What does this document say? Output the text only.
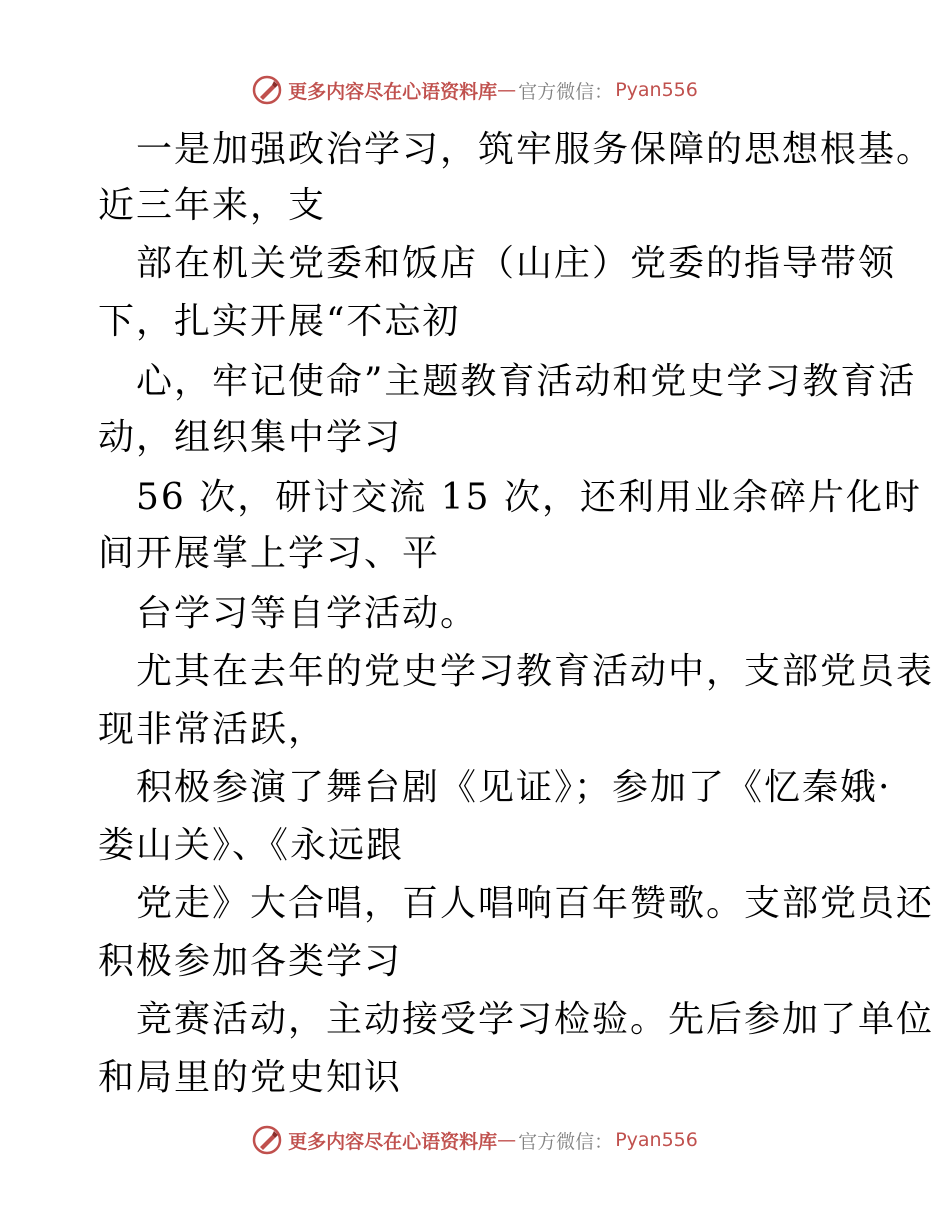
更多内容尽在心语资料库 — 官方微信： Pyan556
一是加强政治学习，筑牢服务保障的思想根基。
近三年来，支
部在机关党委和饭店（山庄）党委的指导带领
下，扎实开展“不忘初
心，牢记使命”主题教育活动和党史学习教育活
动，组织集中学习
56 次，研讨交流 15 次，还利用业余碎片化时
间开展掌上学习、平
台学习等自学活动。
尤其在去年的党史学习教育活动中，支部党员表
现非常活跃，
积极参演了舞台剧《见证》；参加了《忆秦娥·
娄山关》、《永远跟
党走》大合唱，百人唱响百年赞歌。支部党员还
积极参加各类学习
竞赛活动，主动接受学习检验。先后参加了单位
和局里的党史知识
更多内容尽在心语资料库 — 官方微信： Pyan556
